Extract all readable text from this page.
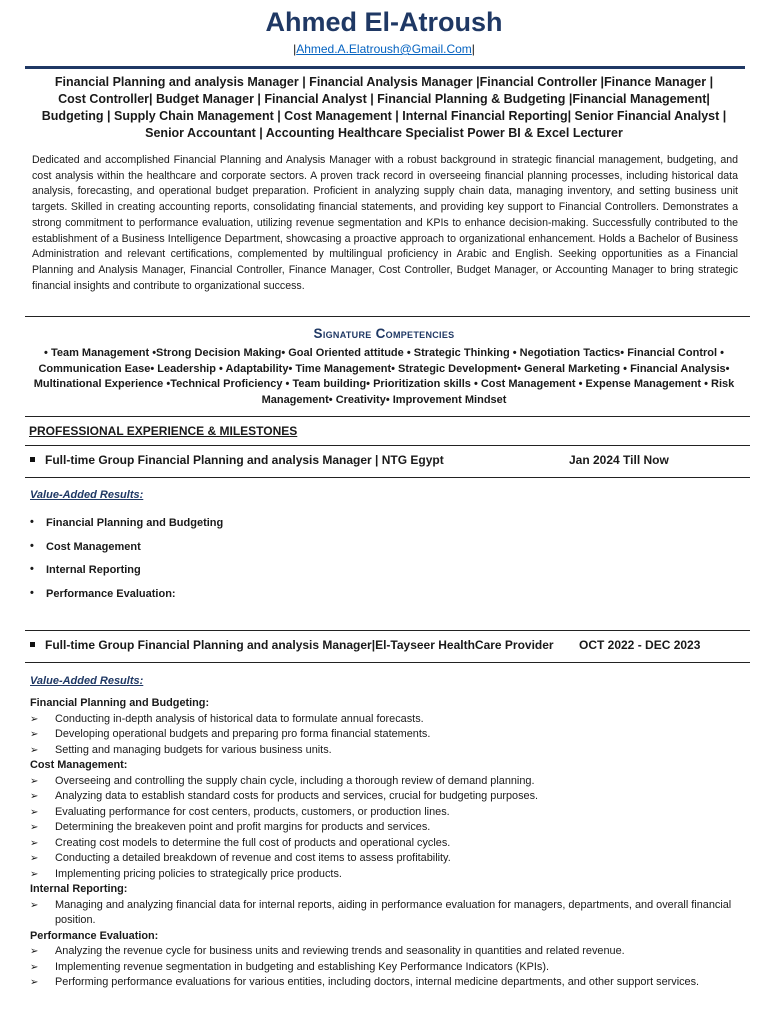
Ahmed El-Atroush
|Ahmed.A.Elatroush@Gmail.Com|
Financial Planning and analysis Manager | Financial Analysis Manager |Financial Controller |Finance Manager | Cost Controller| Budget Manager | Financial Analyst | Financial Planning & Budgeting |Financial Management| Budgeting | Supply Chain Management | Cost Management | Internal Financial Reporting| Senior Financial Analyst | Senior Accountant | Accounting Healthcare Specialist Power BI & Excel Lecturer
Dedicated and accomplished Financial Planning and Analysis Manager with a robust background in strategic financial management, budgeting, and cost analysis within the healthcare and corporate sectors. A proven track record in overseeing financial planning processes, including historical data analysis, forecasting, and operational budget preparation. Proficient in analyzing supply chain data, managing inventory, and setting business unit targets. Skilled in creating accounting reports, consolidating financial statements, and providing key support to Financial Controllers. Demonstrates a strong commitment to performance evaluation, utilizing revenue segmentation and KPIs to enhance decision-making. Successfully contributed to the establishment of a Business Intelligence Department, showcasing a proactive approach to organizational enhancement. Holds a Bachelor of Business Administration and relevant certifications, complemented by multilingual proficiency in Arabic and English. Seeking opportunities as a Financial Planning and Analysis Manager, Financial Controller, Finance Manager, Cost Controller, Budget Manager, or Accounting Manager to bring strategic financial insights and contribute to organizational success.
Signature Competencies
• Team Management •Strong Decision Making• Goal Oriented attitude • Strategic Thinking • Negotiation Tactics• Financial Control • Communication Ease• Leadership • Adaptability• Time Management• Strategic Development• General Marketing • Financial Analysis• Multinational Experience •Technical Proficiency • Team building• Prioritization skills • Cost Management • Expense Management • Risk Management• Creativity• Improvement Mindset
PROFESSIONAL EXPERIENCE & MILESTONES
Full-time Group Financial Planning and analysis Manager | NTG Egypt	Jan 2024 Till Now
Value-Added Results:
• Financial Planning and Budgeting
• Cost Management
• Internal Reporting
• Performance Evaluation:
Full-time Group Financial Planning and analysis Manager|El-Tayseer HealthCare Provider OCT 2022 - DEC 2023
Value-Added Results:
Financial Planning and Budgeting:
➢ Conducting in-depth analysis of historical data to formulate annual forecasts.
➢ Developing operational budgets and preparing pro forma financial statements.
➢ Setting and managing budgets for various business units.
Cost Management:
➢ Overseeing and controlling the supply chain cycle, including a thorough review of demand planning.
➢ Analyzing data to establish standard costs for products and services, crucial for budgeting purposes.
➢ Evaluating performance for cost centers, products, customers, or production lines.
➢ Determining the breakeven point and profit margins for products and services.
➢ Creating cost models to determine the full cost of products and operational cycles.
➢ Conducting a detailed breakdown of revenue and cost items to assess profitability.
➢ Implementing pricing policies to strategically price products.
Internal Reporting:
➢ Managing and analyzing financial data for internal reports, aiding in performance evaluation for managers, departments, and overall financial position.
Performance Evaluation:
➢ Analyzing the revenue cycle for business units and reviewing trends and seasonality in quantities and related revenue.
➢ Implementing revenue segmentation in budgeting and establishing Key Performance Indicators (KPIs).
➢ Performing performance evaluations for various entities, including doctors, internal medicine departments, and other support services.
